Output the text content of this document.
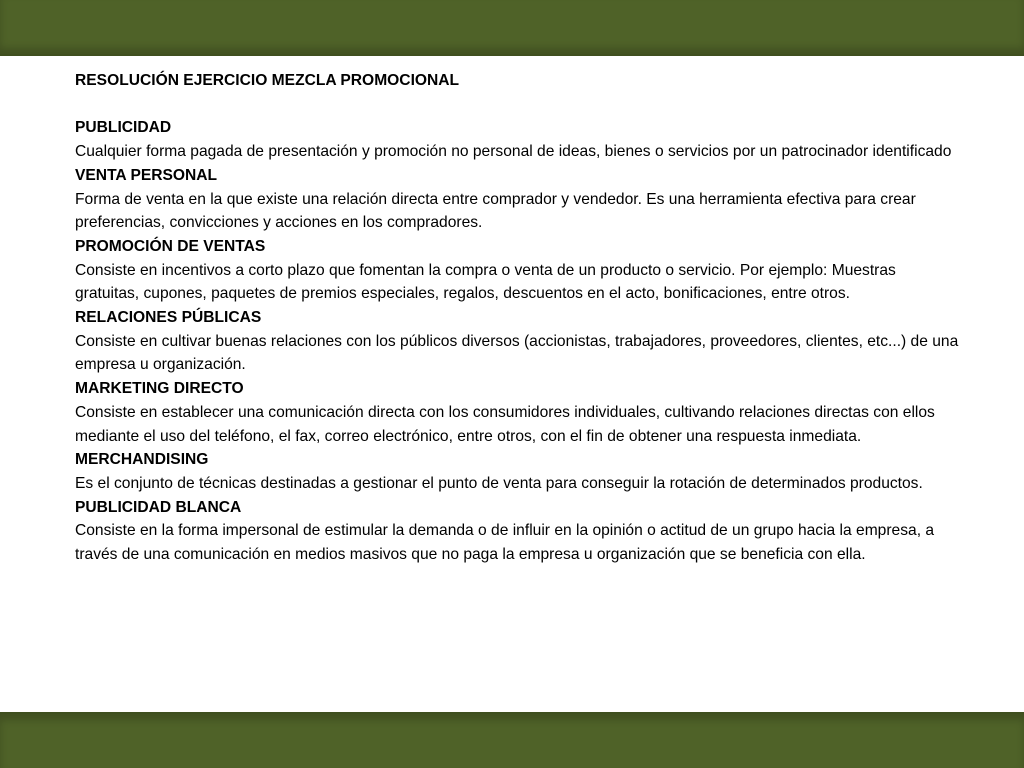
RESOLUCIÓN EJERCICIO MEZCLA PROMOCIONAL

PUBLICIDAD

Cualquier forma pagada de presentación y promoción no personal de ideas, bienes o servicios por un patrocinador identificado

VENTA PERSONAL

Forma de venta en la que existe una relación directa entre comprador y vendedor. Es una herramienta efectiva para crear preferencias, convicciones y acciones en los compradores.

PROMOCIÓN DE VENTAS

Consiste en incentivos a corto plazo que fomentan la compra o venta de un producto o servicio. Por ejemplo: Muestras gratuitas, cupones, paquetes de premios especiales, regalos, descuentos en el acto, bonificaciones, entre otros.

RELACIONES PÚBLICAS

Consiste en cultivar buenas relaciones con los públicos diversos (accionistas, trabajadores, proveedores, clientes, etc...) de una empresa u organización.

MARKETING DIRECTO

Consiste en establecer una comunicación directa con los consumidores individuales, cultivando relaciones directas con ellos mediante el uso del teléfono, el fax, correo electrónico, entre otros, con el fin de obtener una respuesta inmediata.

MERCHANDISING

Es el conjunto de técnicas destinadas a gestionar el punto de venta para conseguir la rotación de determinados productos.

PUBLICIDAD BLANCA

Consiste en la forma impersonal de estimular la demanda o de influir en la opinión o actitud de un grupo hacia la empresa, a través de una comunicación en medios masivos que no paga la empresa u organización que se beneficia con ella.
